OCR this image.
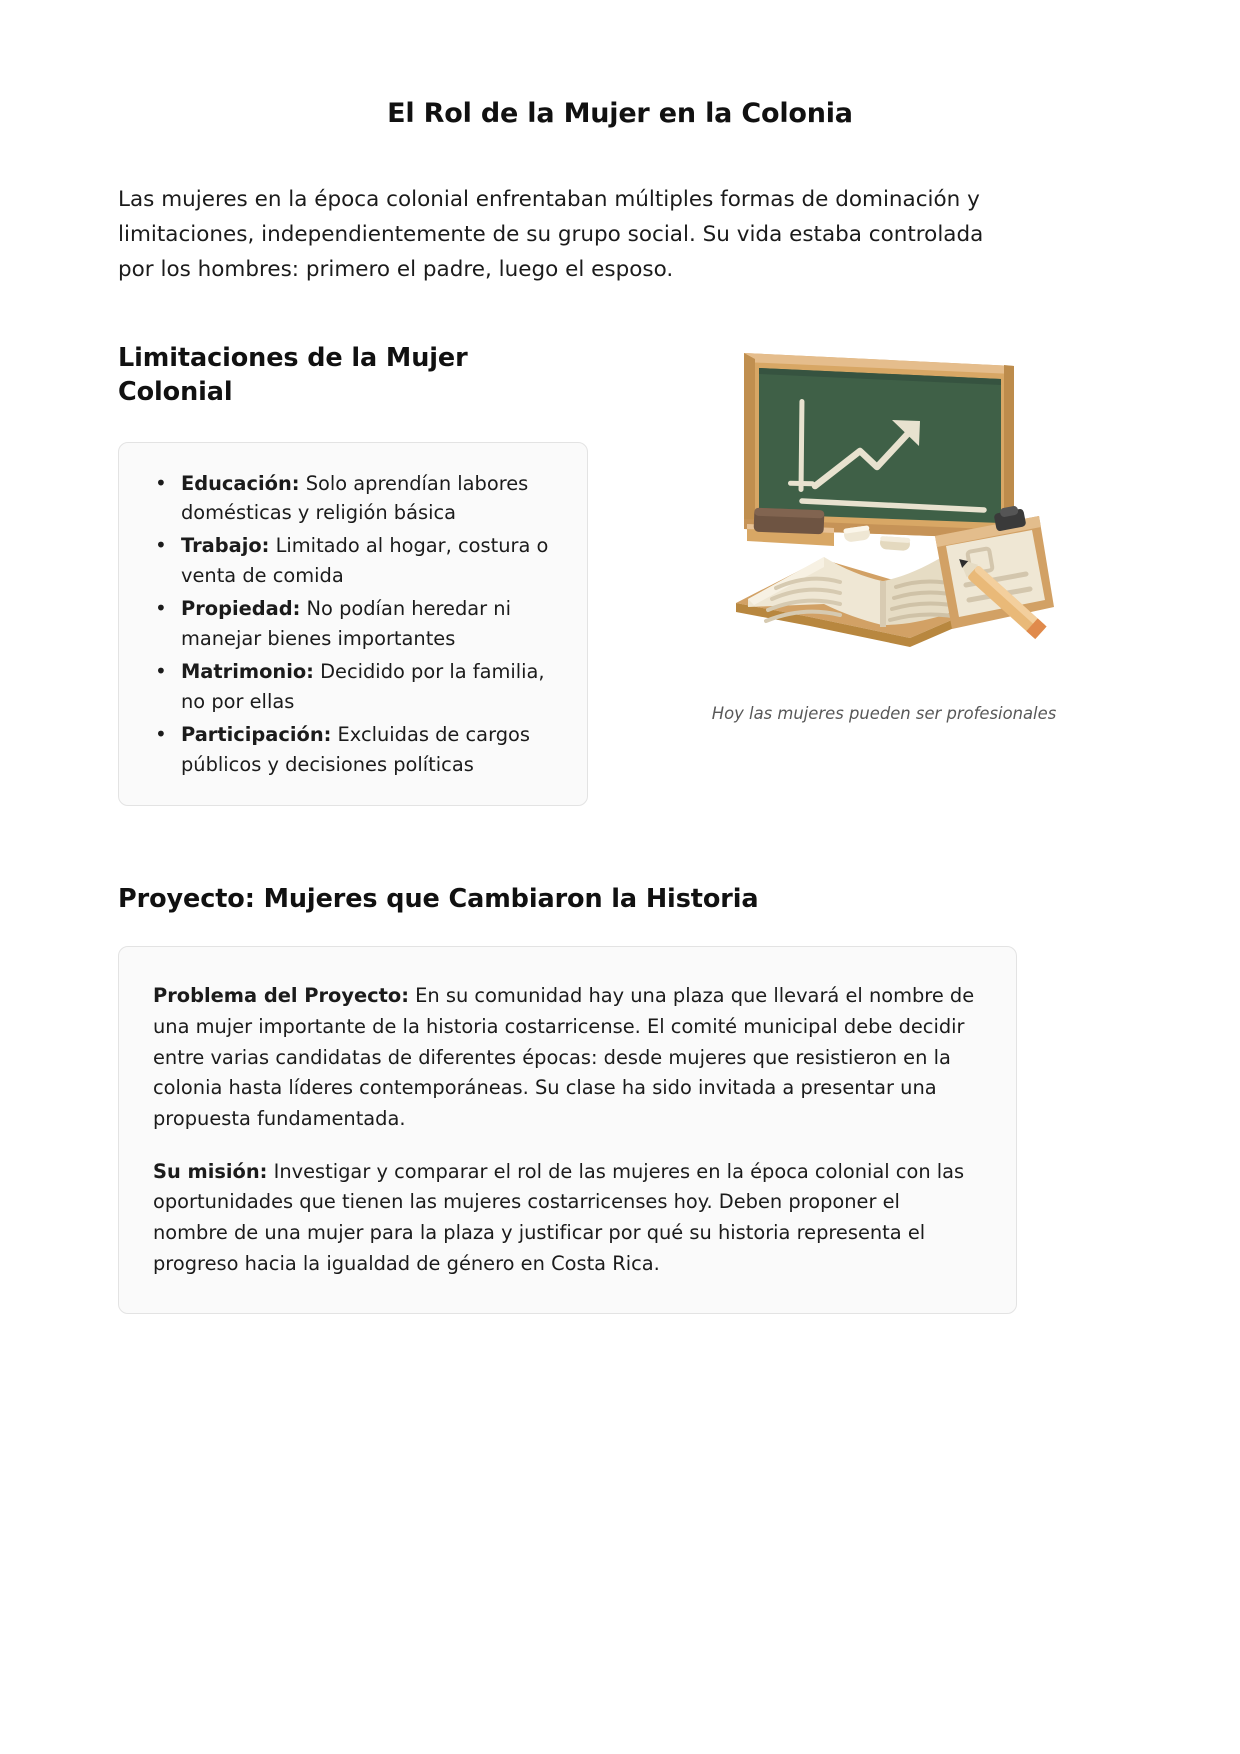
El Rol de la Mujer en la Colonia

Las mujeres en la época colonial enfrentaban múltiples formas de dominación y limitaciones, independientemente de su grupo social. Su vida estaba controlada por los hombres: primero el padre, luego el esposo.

Limitaciones de la Mujer Colonial
• Educación: Solo aprendían labores domésticas y religión básica
• Trabajo: Limitado al hogar, costura o venta de comida
• Propiedad: No podían heredar ni manejar bienes importantes
• Matrimonio: Decidido por la familia, no por ellas
• Participación: Excluidas de cargos públicos y decisiones políticas
Hoy las mujeres pueden ser profesionales
Proyecto: Mujeres que Cambiaron la Historia

Problema del Proyecto: En su comunidad hay una plaza que llevará el nombre de una mujer importante de la historia costarricense. El comité municipal debe decidir entre varias candidatas de diferentes épocas: desde mujeres que resistieron en la colonia hasta líderes contemporáneas. Su clase ha sido invitada a presentar una propuesta fundamentada.

Su misión: Investigar y comparar el rol de las mujeres en la época colonial con las oportunidades que tienen las mujeres costarricenses hoy. Deben proponer el nombre de una mujer para la plaza y justificar por qué su historia representa el progreso hacia la igualdad de género en Costa Rica.
